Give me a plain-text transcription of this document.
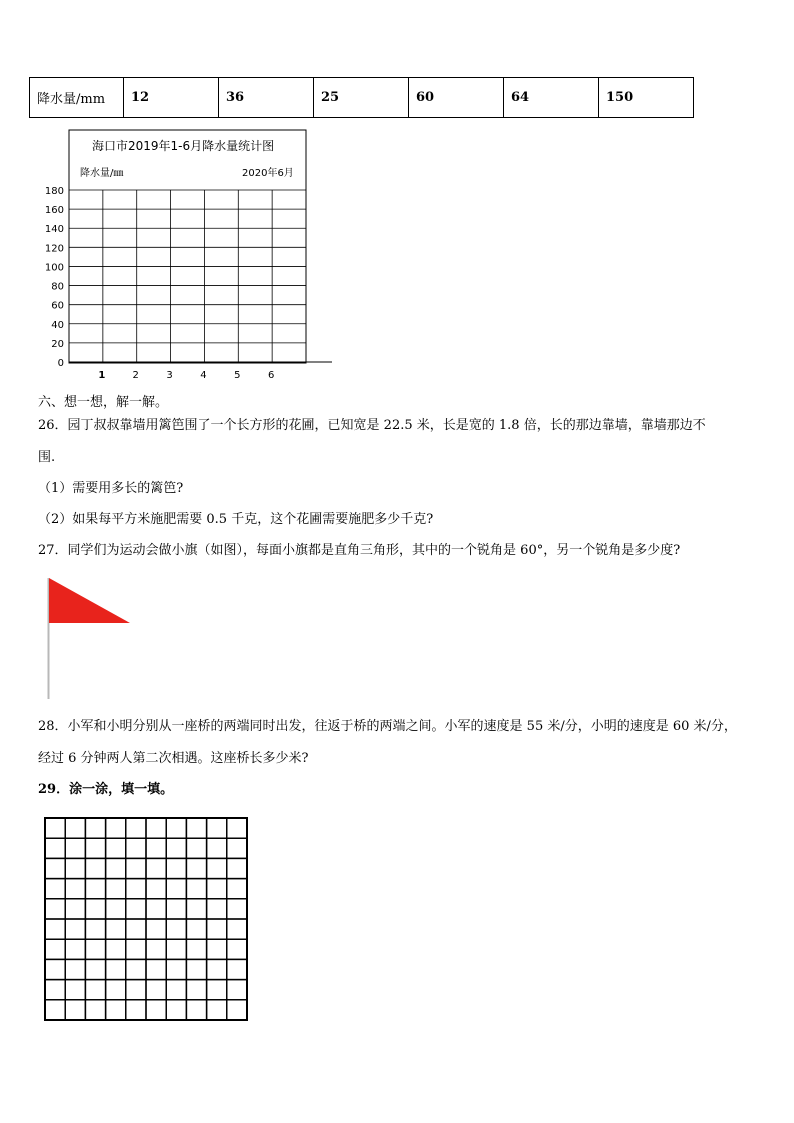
降水量/mm	12	36	25	60	64	150
海口市2019年1-6月降水量统计图
降水量/㎜	2020年6月
0
20
40
60
80
100
120
140
160
180
1	2	3	4	5	6
六、想一想，解一解。
26．园丁叔叔靠墙用篱笆围了一个长方形的花圃，已知宽是 22.5 米，长是宽的 1.8 倍，长的那边靠墙，靠墙那边不
围.
（1）需要用多长的篱笆?
（2）如果每平方米施肥需要 0.5 千克，这个花圃需要施肥多少千克?
27．同学们为运动会做小旗（如图），每面小旗都是直角三角形，其中的一个锐角是 60°，另一个锐角是多少度?
28．小军和小明分别从一座桥的两端同时出发，往返于桥的两端之间。小军的速度是 55 米/分，小明的速度是 60 米/分，
经过 6 分钟两人第二次相遇。这座桥长多少米?
29．涂一涂，填一填。
